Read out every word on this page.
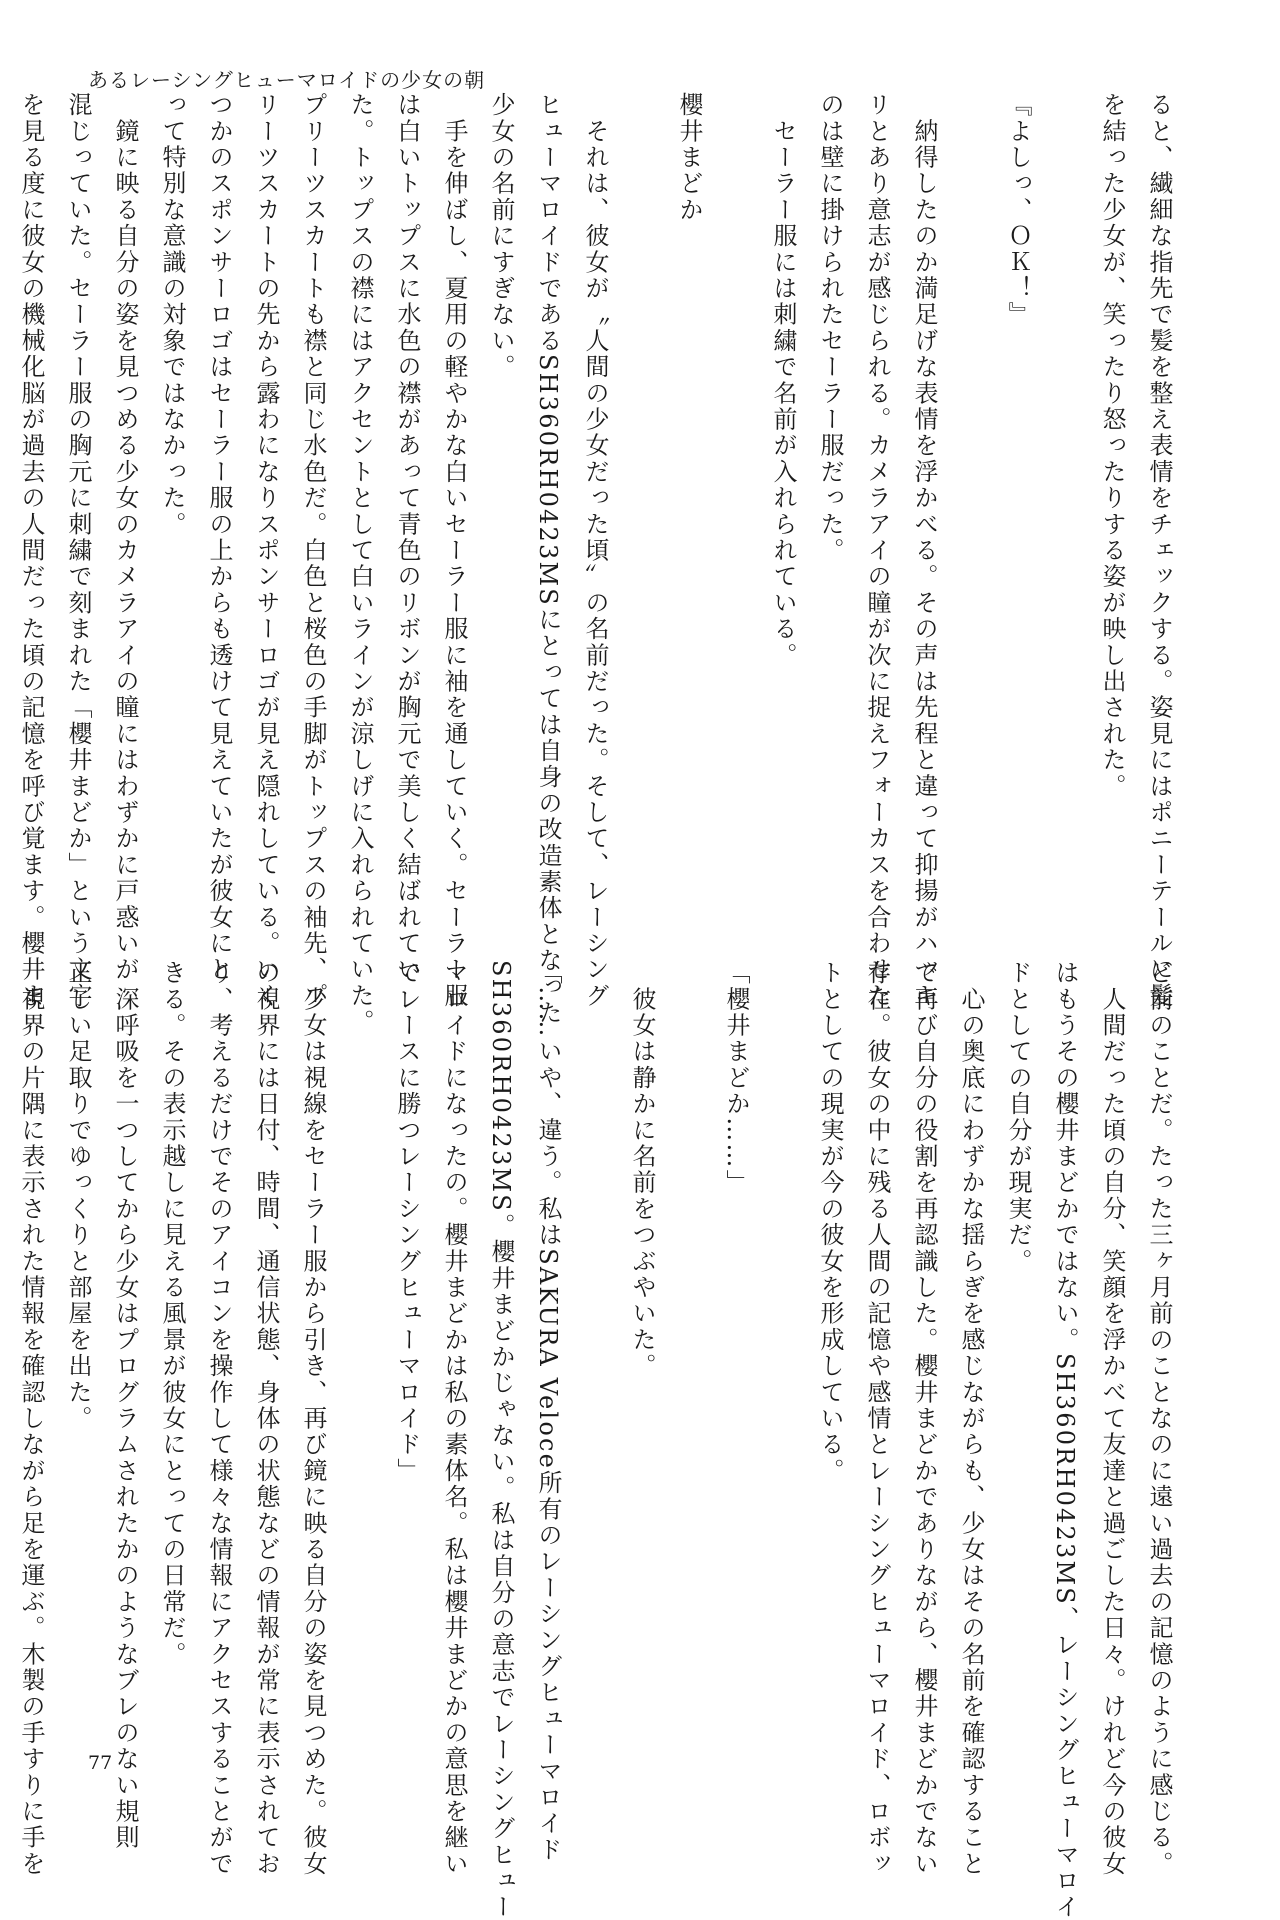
あるレーシングヒューマロイドの少女の朝

ると、繊細な指先で髪を整え表情をチェックする。姿見にはポニーテールに髪

を結った少女が、笑ったり怒ったりする姿が映し出された。

『よしっ、ＯＫ！』

　納得したのか満足げな表情を浮かべる。その声は先程と違って抑揚がハッキ

リとあり意志が感じられる。カメラアイの瞳が次に捉えフォーカスを合わせた

のは壁に掛けられたセーラー服だった。

　セーラー服には刺繍で名前が入れられている。

櫻井まどか

　それは、彼女が〝人間の少女だった頃〟の名前だった。そして、レーシング

ヒューマロイドであるSH360RH0423MSにとっては自身の改造素体となった

少女の名前にすぎない。

　手を伸ばし、夏用の軽やかな白いセーラー服に袖を通していく。セーラー服

は白いトップスに水色の襟があって青色のリボンが胸元で美しく結ばれてい

た。トップスの襟にはアクセントとして白いラインが涼しげに入れられていた。

プリーツスカートも襟と同じ水色だ。白色と桜色の手脚がトップスの袖先、プ

リーツスカートの先から露わになりスポンサーロゴが見え隠れしている。いく

つかのスポンサーロゴはセーラー服の上からも透けて見えていたが彼女にと

って特別な意識の対象ではなかった。

　鏡に映る自分の姿を見つめる少女のカメラアイの瞳にはわずかに戸惑いが

混じっていた。セーラー服の胸元に刺繍で刻まれた「櫻井まどか」という文字

を見る度に彼女の機械化脳が過去の人間だった頃の記憶を呼び覚ます。櫻井ま

ど前のことだ。たった三ヶ月前のことなのに遠い過去の記憶のように感じる。

　人間だった頃の自分、笑顔を浮かべて友達と過ごした日々。けれど今の彼女

はもうその櫻井まどかではない。SH360RH0423MS、レーシングヒューマロイ

ドとしての自分が現実だ。

　心の奥底にわずかな揺らぎを感じながらも、少女はその名前を確認すること

で再び自分の役割を再認識した。櫻井まどかでありながら、櫻井まどかでない

存在。彼女の中に残る人間の記憶や感情とレーシングヒューマロイド、ロボッ

トとしての現実が今の彼女を形成している。

「櫻井まどか……」

　彼女は静かに名前をつぶやいた。

「……いや、違う。私はSAKURA Veloce所有のレーシングヒューマロイド

SH360RH0423MS。櫻井まどかじゃない。私は自分の意志でレーシングヒュー

マロイドになったの。櫻井まどかは私の素体名。私は櫻井まどかの意思を継い

でレースに勝つレーシングヒューマロイド」

　少女は視線をセーラー服から引き、再び鏡に映る自分の姿を見つめた。彼女

の視界には日付、時間、通信状態、身体の状態などの情報が常に表示されてお

り、考えるだけでそのアイコンを操作して様々な情報にアクセスすることがで

きる。その表示越しに見える風景が彼女にとっての日常だ。

　深呼吸を一つしてから少女はプログラムされたかのようなブレのない規則

正しい足取りでゆっくりと部屋を出た。

　視界の片隅に表示された情報を確認しながら足を運ぶ。木製の手すりに手を	77
